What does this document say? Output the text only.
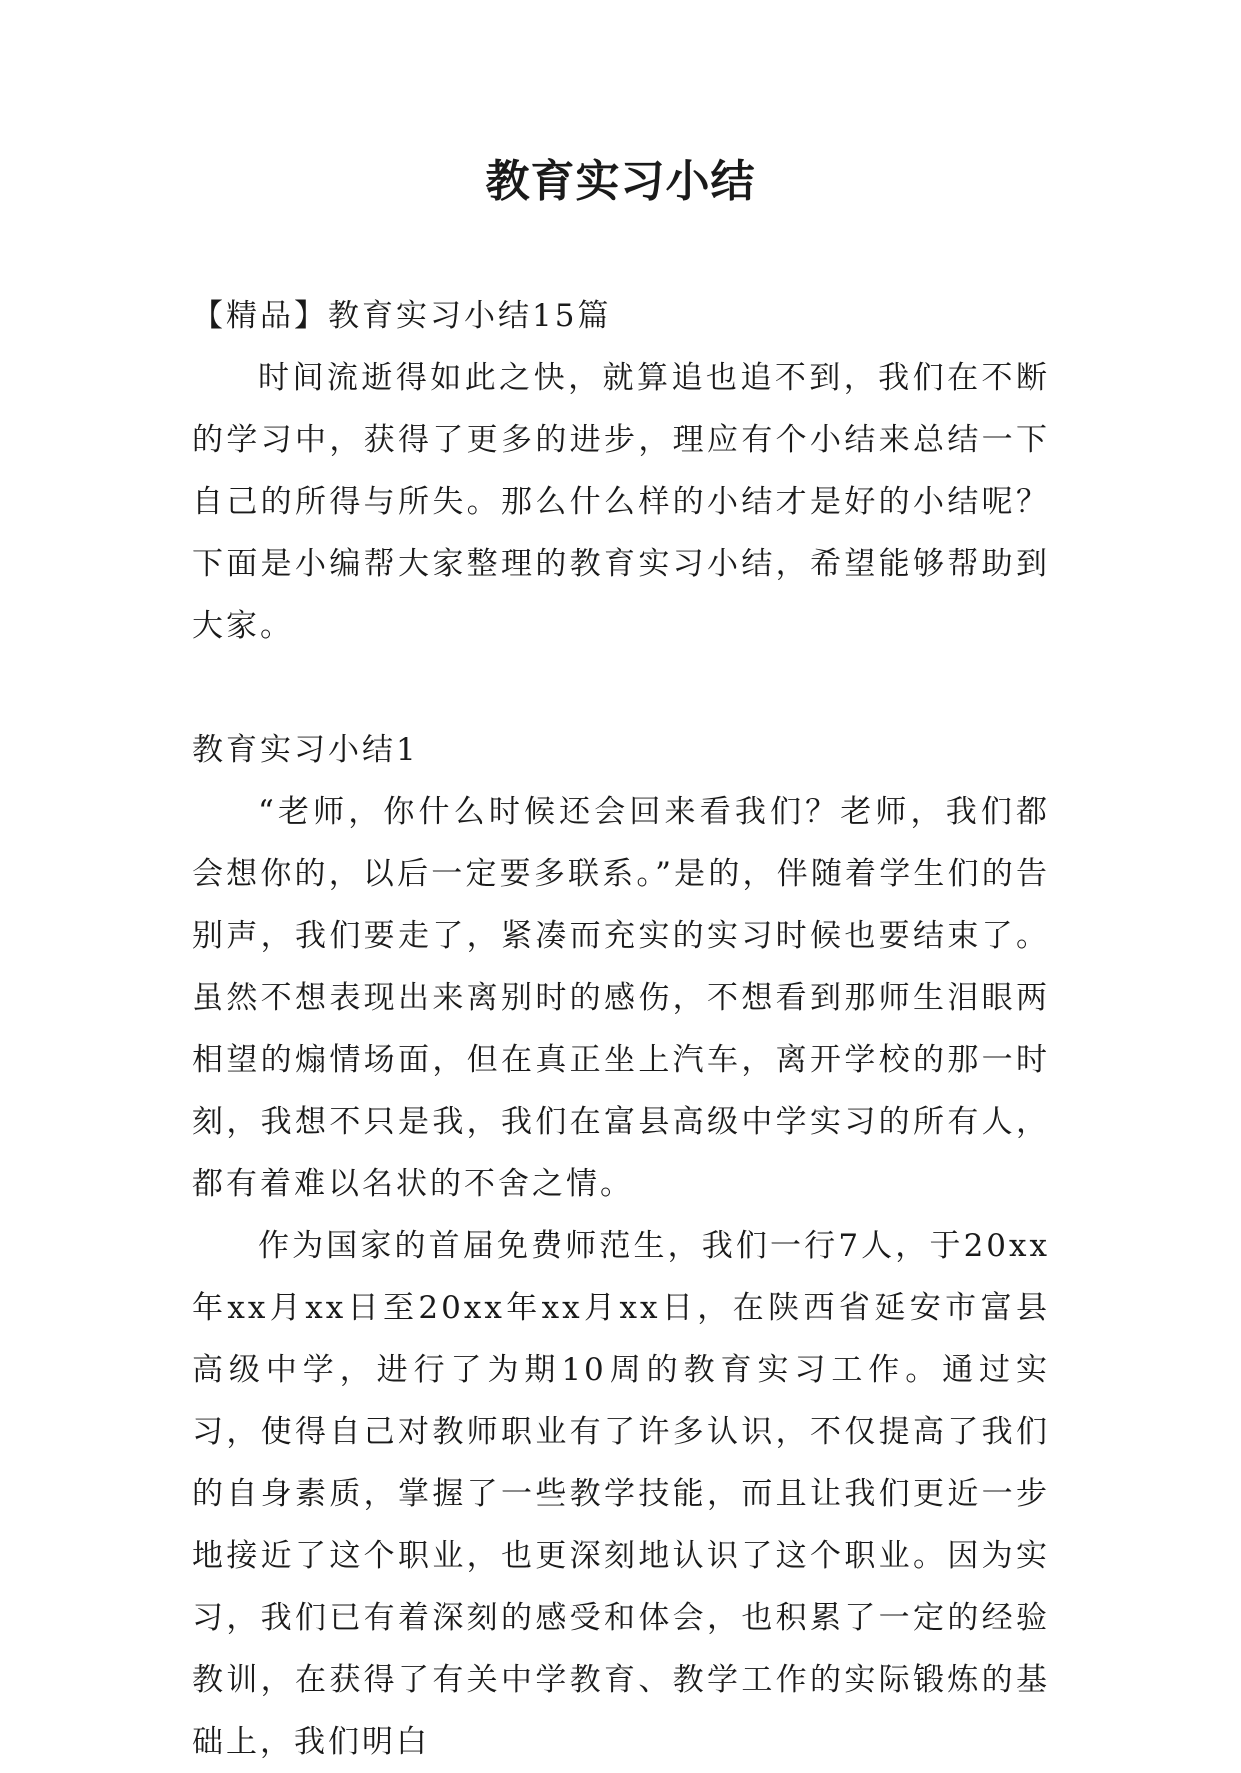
教育实习小结

【精品】教育实习小结15篇

时间流逝得如此之快，就算追也追不到，我们在不断的学习中，获得了更多的进步，理应有个小结来总结一下自己的所得与所失。那么什么样的小结才是好的小结呢？下面是小编帮大家整理的教育实习小结，希望能够帮助到大家。

教育实习小结1

“老师，你什么时候还会回来看我们？老师，我们都会想你的，以后一定要多联系。”是的，伴随着学生们的告别声，我们要走了，紧凑而充实的实习时候也要结束了。虽然不想表现出来离别时的感伤，不想看到那师生泪眼两相望的煽情场面，但在真正坐上汽车，离开学校的那一时刻，我想不只是我，我们在富县高级中学实习的所有人，都有着难以名状的不舍之情。

作为国家的首届免费师范生，我们一行7人，于20xx年xx月xx日至20xx年xx月xx日，在陕西省延安市富县高级中学，进行了为期10周的教育实习工作。通过实习，使得自己对教师职业有了许多认识，不仅提高了我们的自身素质，掌握了一些教学技能，而且让我们更近一步地接近了这个职业，也更深刻地认识了这个职业。因为实习，我们已有着深刻的感受和体会，也积累了一定的经验教训，在获得了有关中学教育、教学工作的实际锻炼的基础上，我们明白
